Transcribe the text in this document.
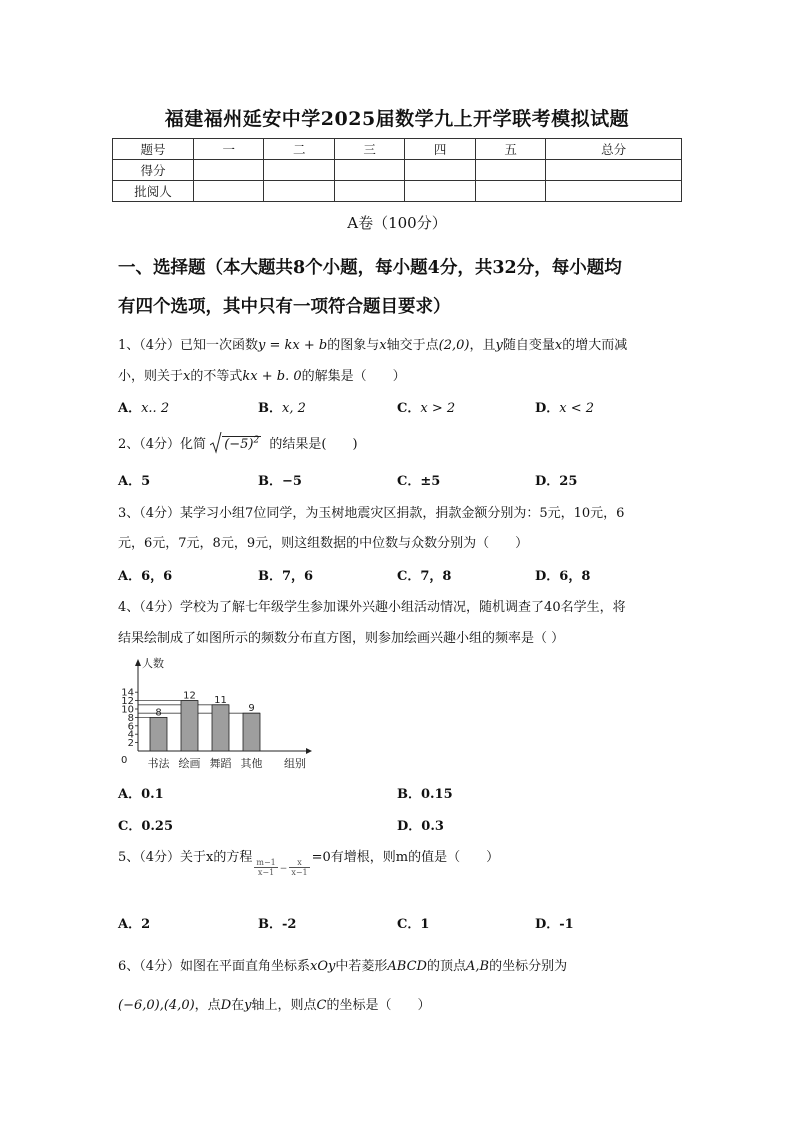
福建福州延安中学2025届数学九上开学联考模拟试题
题号	一	二	三	四	五	总分
得分						
批阅人						
A卷（100分）
一、选择题（本大题共8个小题，每小题4分，共32分，每小题均
有四个选项，其中只有一项符合题目要求）
1、（4分）已知一次函数y = kx + b的图象与x轴交于点(2,0)，且y随自变量x的增大而减
小，则关于x的不等式kx + b. 0的解集是（　　）
A．x.. 2	B．x, 2	C．x > 2	D．x < 2
2、（4分）化简 $(-5)^2$ 的结果是(　　)
A．5	B．−5	C．±5	D．25
3、（4分）某学习小组7位同学，为玉树地震灾区捐款，捐款金额分别为：5元，10元，6
元，6元，7元，8元，9元，则这组数据的中位数与众数分别为（　　）
A．6，6	B．7，6	C．7，8	D．6，8
4、（4分）学校为了解七年级学生参加课外兴趣小组活动情况，随机调查了40名学生，将
结果绘制成了如图所示的频数分布直方图，则参加绘画兴趣小组的频率是（ ）
0
2
4
6
8
10
12
14
8
书法
12
绘画
11
舞蹈
9
其他
人数
组别
A．0.1	B．0.15
C．0.25	D．0.3
5、（4分）关于x的方程
$\frac{m-1}{x-1} _- \frac{x}{x-1}$
=0有增根，则m的值是（　　）
A．2	B．-2	C．1	D．-1
6、（4分）如图在平面直角坐标系xOy中若菱形ABCD的顶点A,B的坐标分别为
(−6,0),(4,0)，点D在y轴上，则点C的坐标是（　　）
